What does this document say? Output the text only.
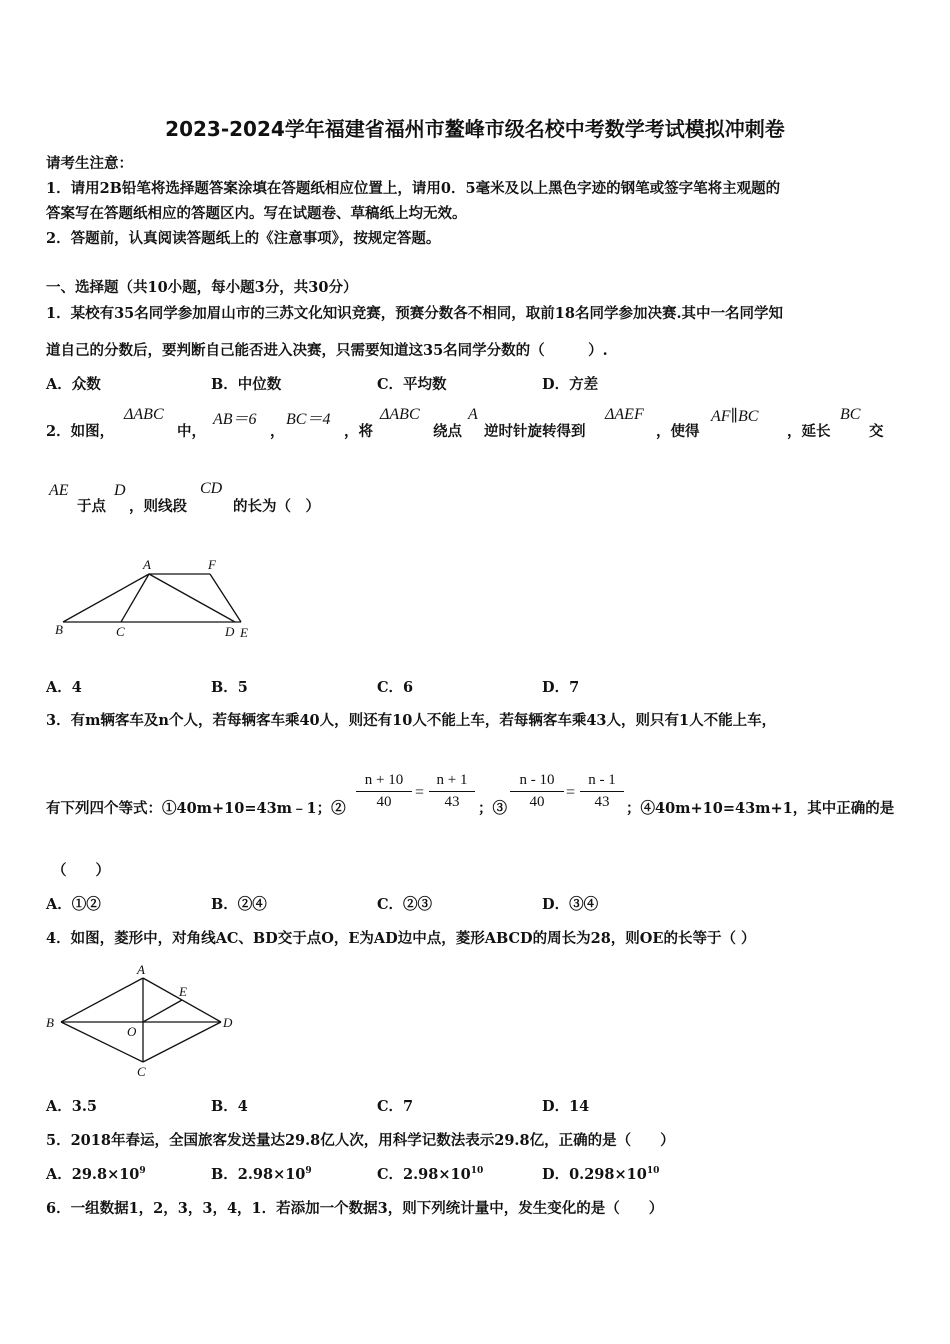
2023-2024学年福建省福州市鳌峰市级名校中考数学考试模拟冲刺卷
请考生注意：
1．请用2B铅笔将选择题答案涂填在答题纸相应位置上，请用0．5毫米及以上黑色字迹的钢笔或签字笔将主观题的
答案写在答题纸相应的答题区内。写在试题卷、草稿纸上均无效。
2．答题前，认真阅读答题纸上的《注意事项》，按规定答题。
一、选择题（共10小题，每小题3分，共30分）
1．某校有35名同学参加眉山市的三苏文化知识竞赛，预赛分数各不相同，取前18名同学参加决赛.其中一名同学知
道自己的分数后，要判断自己能否进入决赛，只需要知道这35名同学分数的（　　　）.
A．众数	B．中位数	C．平均数	D．方差
2．如图，
ΔABC
中，
AB＝6
，
BC＝4
，将
ΔABC
绕点
A
逆时针旋转得到
ΔAEF
，使得
AF∥BC
，延长
BC
交
AE
于点
D
，则线段
CD
的长为（　）
A	F
B	C	D E
A．4	B．5	C．6	D．7
3．有m辆客车及n个人，若每辆客车乘40人，则还有10人不能上车，若每辆客车乘43人，则只有1人不能上车，
有下列四个等式：①40m+10=43m﹣1；②
n + 10
40
=
n + 1
43	；③
n - 10
40
=
n - 1
43	；④40m+10=43m+1，其中正确的是
（　　）
A．①②	B．②④	C．②③	D．③④
4．如图，菱形中，对角线AC、BD交于点O，E为AD边中点，菱形ABCD的周长为28，则OE的长等于（ ）
A
E
B
O
D
C
A．3.5	B．4	C．7	D．14
5．2018年春运，全国旅客发送量达29.8亿人次，用科学记数法表示29.8亿，正确的是（　　）
A．$29.8\times 10^9$	B．$2.98\times 10^9$	C．$2.98\times 10^{10}$	D．$0.298\times 10^{10}$
6．一组数据1，2，3，3，4，1．若添加一个数据3，则下列统计量中，发生变化的是（　　）
